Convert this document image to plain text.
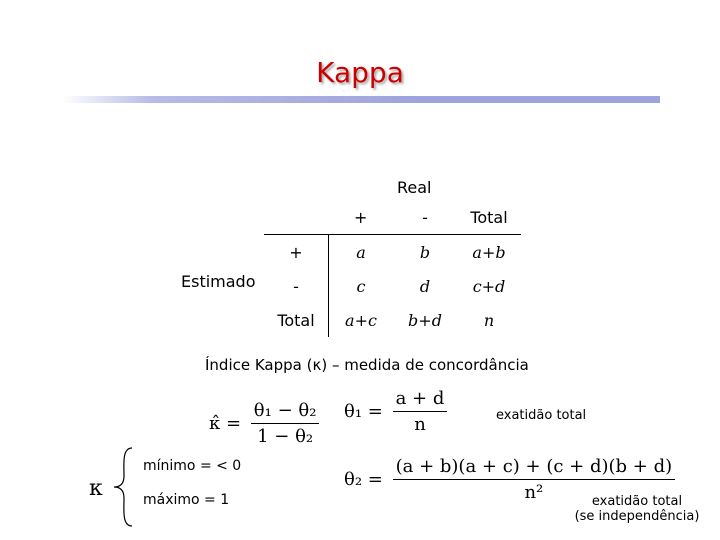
Kappa
Real
Estimado
	+	-	Total
+	a	b	a+b
-	c	d	c+d
Total	a+c	b+d	n
Índice Kappa (κ) – medida de concordância
κ̂ = $\frac{\text{θ₁ − θ₂}}{\text{1 − θ₂}} \theta_1 = \frac{a + d}{n}$	exatidão total
κ
mínimo = < 0
máximo = 1
$\theta_2 = \frac{(a + b)(a + c) + (c + d)(b + d)}{\text{n²}}$
exatidão total
(se independência)
